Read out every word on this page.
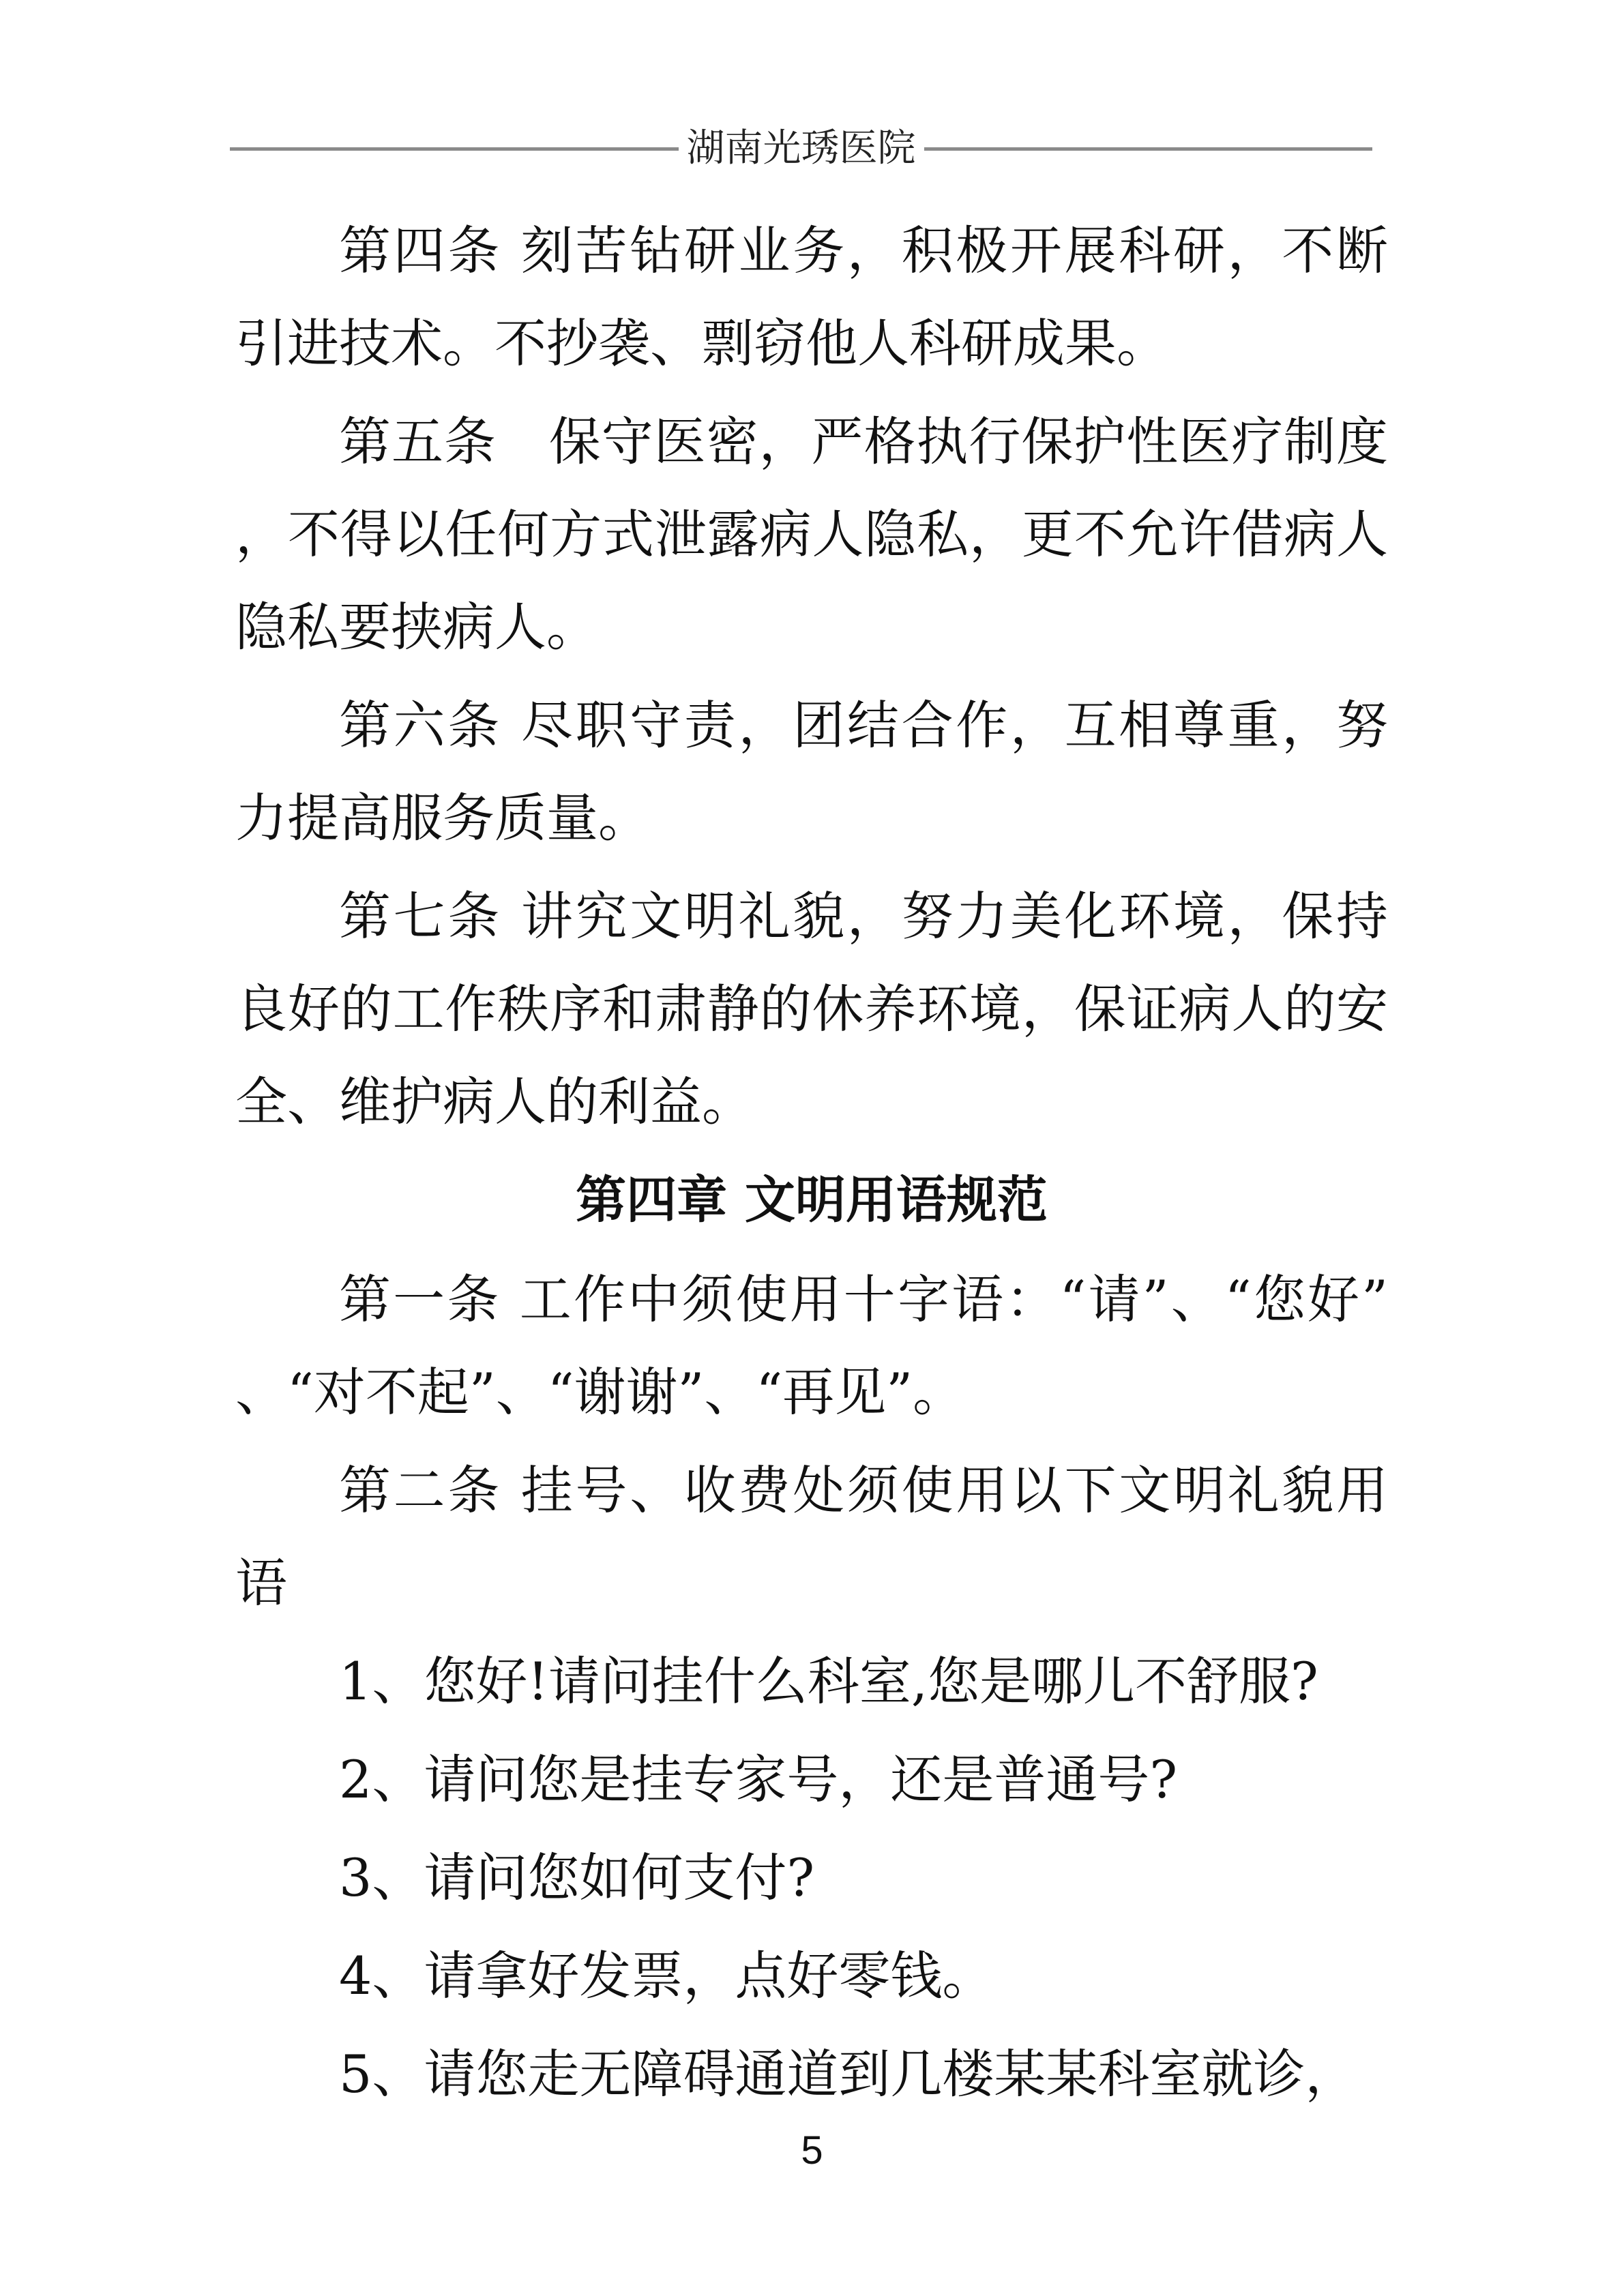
湖南光琇医院

第四条 刻苦钻研业务，积极开展科研，不断引进技术。不抄袭、剽窃他人科研成果。

第五条　保守医密，严格执行保护性医疗制度，不得以任何方式泄露病人隐私，更不允许借病人隐私要挟病人。

第六条 尽职守责，团结合作，互相尊重，努力提高服务质量。

第七条 讲究文明礼貌，努力美化环境，保持良好的工作秩序和肃静的休养环境，保证病人的安全、维护病人的利益。

第四章 文明用语规范

第一条 工作中须使用十字语：“请”、“您好”、“对不起”、“谢谢”、“再见”。

第二条 挂号、收费处须使用以下文明礼貌用语

1、您好!请问挂什么科室,您是哪儿不舒服?

2、请问您是挂专家号，还是普通号?

3、请问您如何支付?

4、请拿好发票，点好零钱。

5、请您走无障碍通道到几楼某某科室就诊，

5
